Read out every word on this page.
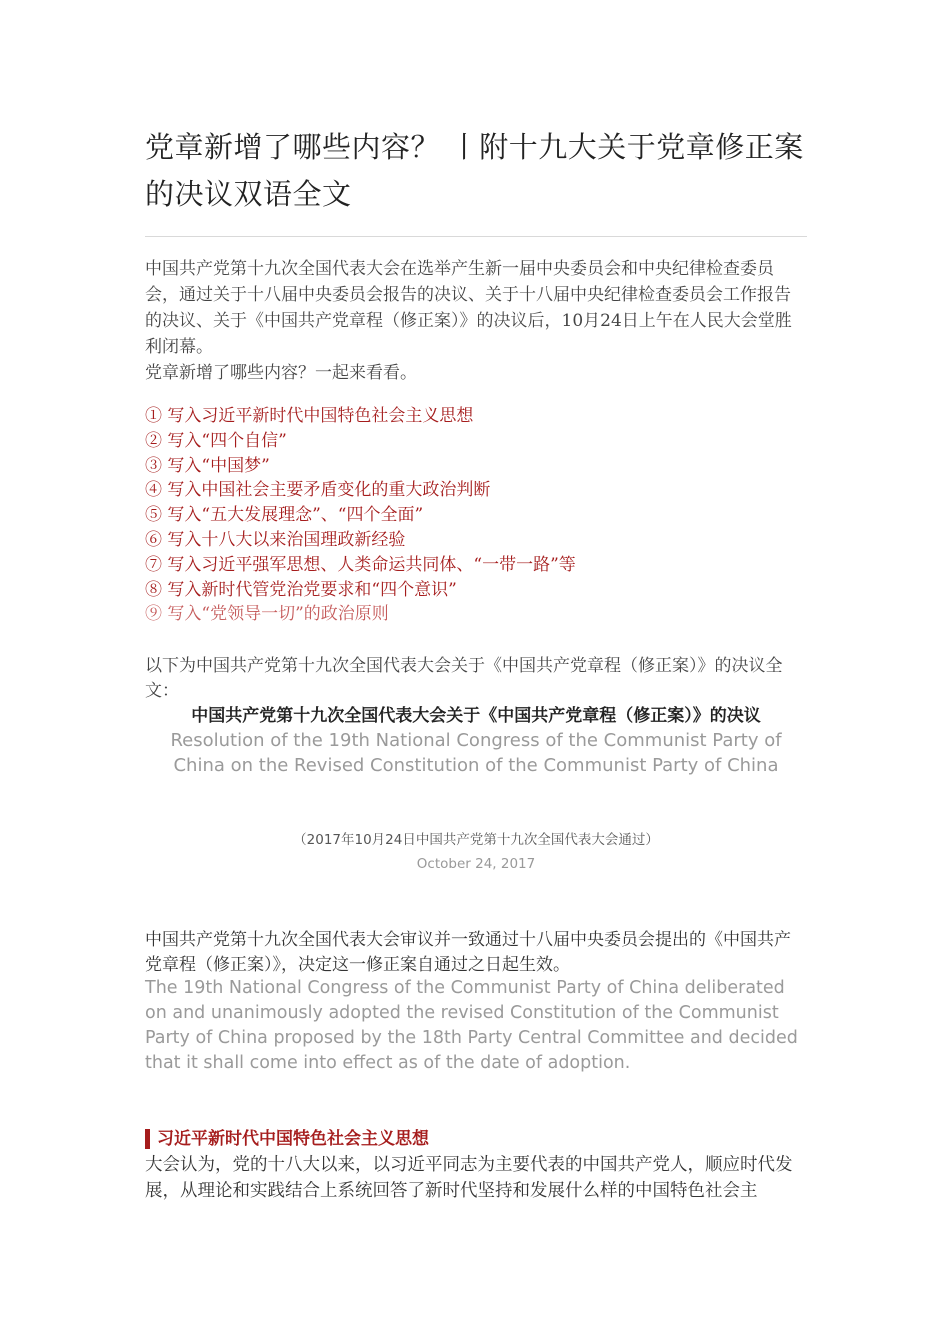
党章新增了哪些内容？ 丨附十九大关于党章修正案的决议双语全文

中国共产党第十九次全国代表大会在选举产生新一届中央委员会和中央纪律检查委员会，通过关于十八届中央委员会报告的决议、关于十八届中央纪律检查委员会工作报告的决议、关于《中国共产党章程（修正案）》的决议后，10月24日上午在人民大会堂胜利闭幕。

党章新增了哪些内容？一起来看看。

① 写入习近平新时代中国特色社会主义思想
② 写入“四个自信”
③ 写入“中国梦”
④ 写入中国社会主要矛盾变化的重大政治判断
⑤ 写入“五大发展理念”、“四个全面”
⑥ 写入十八大以来治国理政新经验
⑦ 写入习近平强军思想、人类命运共同体、“一带一路”等
⑧ 写入新时代管党治党要求和“四个意识”
⑨ 写入“党领导一切”的政治原则
以下为中国共产党第十九次全国代表大会关于《中国共产党章程（修正案）》的决议全文：
中国共产党第十九次全国代表大会关于《中国共产党章程（修正案）》的决议
Resolution of the 19th National Congress of the Communist Party of China on the Revised Constitution of the Communist Party of China
（2017年10月24日中国共产党第十九次全国代表大会通过）
October 24, 2017
中国共产党第十九次全国代表大会审议并一致通过十八届中央委员会提出的《中国共产党章程（修正案）》，决定这一修正案自通过之日起生效。
The 19th National Congress of the Communist Party of China deliberated on and unanimously adopted the revised Constitution of the Communist Party of China proposed by the 18th Party Central Committee and decided that it shall come into effect as of the date of adoption.
习近平新时代中国特色社会主义思想
大会认为，党的十八大以来，以习近平同志为主要代表的中国共产党人，顺应时代发展，从理论和实践结合上系统回答了新时代坚持和发展什么样的中国特色社会主
